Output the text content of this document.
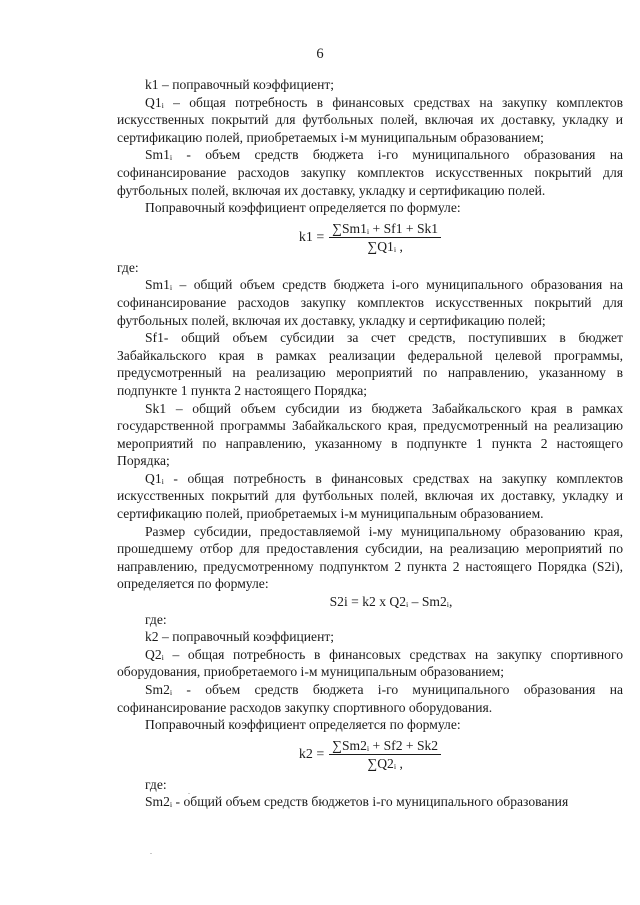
6

k1 – поправочный коэффициент;

Q1ᵢ – общая потребность в финансовых средствах на закупку комплектов искусственных покрытий для футбольных полей, включая их доставку, укладку и сертификацию полей, приобретаемых i-м муниципальным образованием;

Sm1ᵢ - объем средств бюджета i-го муниципального образования на софинансирование расходов закупку комплектов искусственных покрытий для футбольных полей, включая их доставку, укладку и сертификацию полей.

Поправочный коэффициент определяется по формуле:

$k1 = \frac{\text{∑Sm1ᵢ + Sf1 + Sk1}}{\text{∑Q1ᵢ ,}}$

где:

Sm1ᵢ – общий объем средств бюджета i-ого муниципального образования на софинансирование расходов закупку комплектов искусственных покрытий для футбольных полей, включая их доставку, укладку и сертификацию полей;

Sf1- общий объем субсидии за счет средств, поступивших в бюджет Забайкальского края в рамках реализации федеральной целевой программы, предусмотренный на реализацию мероприятий по направлению, указанному в подпункте 1 пункта 2 настоящего Порядка;

Sk1 – общий объем субсидии из бюджета Забайкальского края в рамках государственной программы Забайкальского края, предусмотренный на реализацию мероприятий по направлению, указанному в подпункте 1 пункта 2 настоящего Порядка;

Q1ᵢ - общая потребность в финансовых средствах на закупку комплектов искусственных покрытий для футбольных полей, включая их доставку, укладку и сертификацию полей, приобретаемых i-м муниципальным образованием.

Размер субсидии, предоставляемой i-му муниципальному образованию края, прошедшему отбор для предоставления субсидии, на реализацию мероприятий по направлению, предусмотренному подпунктом 2 пункта 2 настоящего Порядка (S2i), определяется по формуле:

S2i = k2 x Q2ᵢ – Sm2ᵢ,

где:

k2 – поправочный коэффициент;

Q2ᵢ – общая потребность в финансовых средствах на закупку спортивного оборудования, приобретаемого i-м муниципальным образованием;

Sm2ᵢ - объем средств бюджета i-го муниципального образования на софинансирование расходов закупку спортивного оборудования.

Поправочный коэффициент определяется по формуле:

$k2 = \frac{\text{∑Sm2ᵢ + Sf2 + Sk2}}{\text{∑Q2ᵢ ,}}$

где:

Sm2ᵢ - общий объем средств бюджетов i-го муниципального образования
